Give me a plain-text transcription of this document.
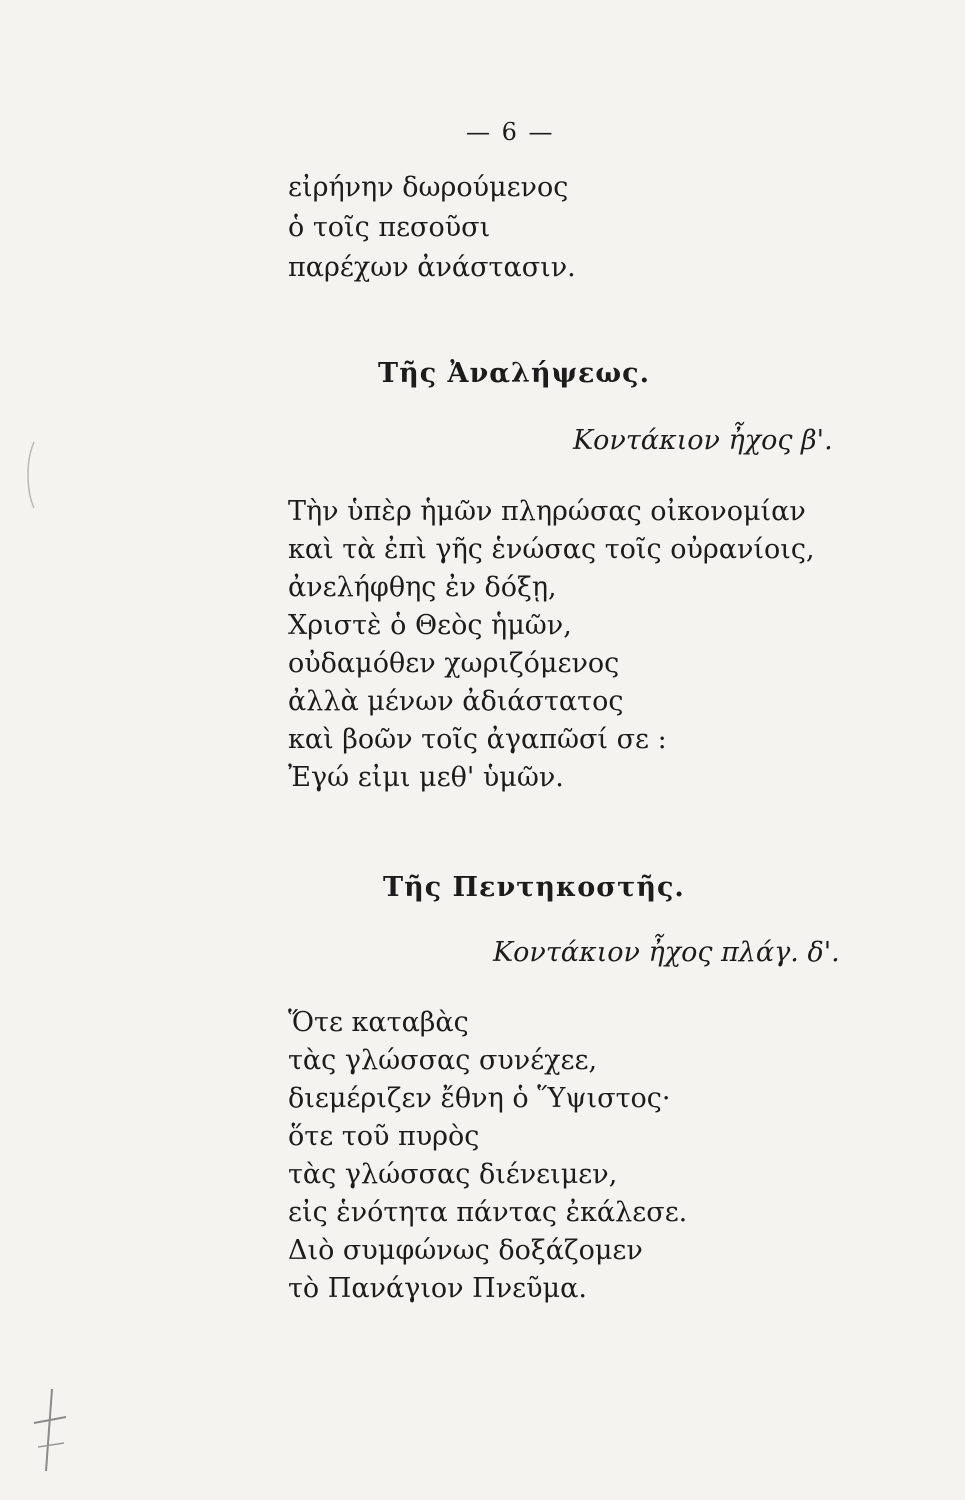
— 6 —
εἰρήνην δωρούμενος
ὁ τοῖς πεσοῦσι
παρέχων ἀνάστασιν.
Τῆς Ἀναλήψεως.
Κοντάκιον ἦχος β'.
Τὴν ὑπὲρ ἡμῶν πληρώσας οἰκονομίαν
καὶ τὰ ἐπὶ γῆς ἑνώσας τοῖς οὐρανίοις,
ἀνελήφθης ἐν δόξῃ,
Χριστὲ ὁ Θεὸς ἡμῶν,
οὐδαμόθεν χωριζόμενος
ἀλλὰ μένων ἀδιάστατος
καὶ βοῶν τοῖς ἀγαπῶσί σε :
Ἐγώ εἰμι μεθ' ὑμῶν.
Τῆς Πεντηκοστῆς.
Κοντάκιον ἦχος πλάγ. δ'.
Ὅτε καταβὰς
τὰς γλώσσας συνέχεε,
διεμέριζεν ἔθνη ὁ Ὕψιστος·
ὅτε τοῦ πυρὸς
τὰς γλώσσας διένειμεν,
εἰς ἑνότητα πάντας ἐκάλεσε.
Διὸ συμφώνως δοξάζομεν
τὸ Πανάγιον Πνεῦμα.
